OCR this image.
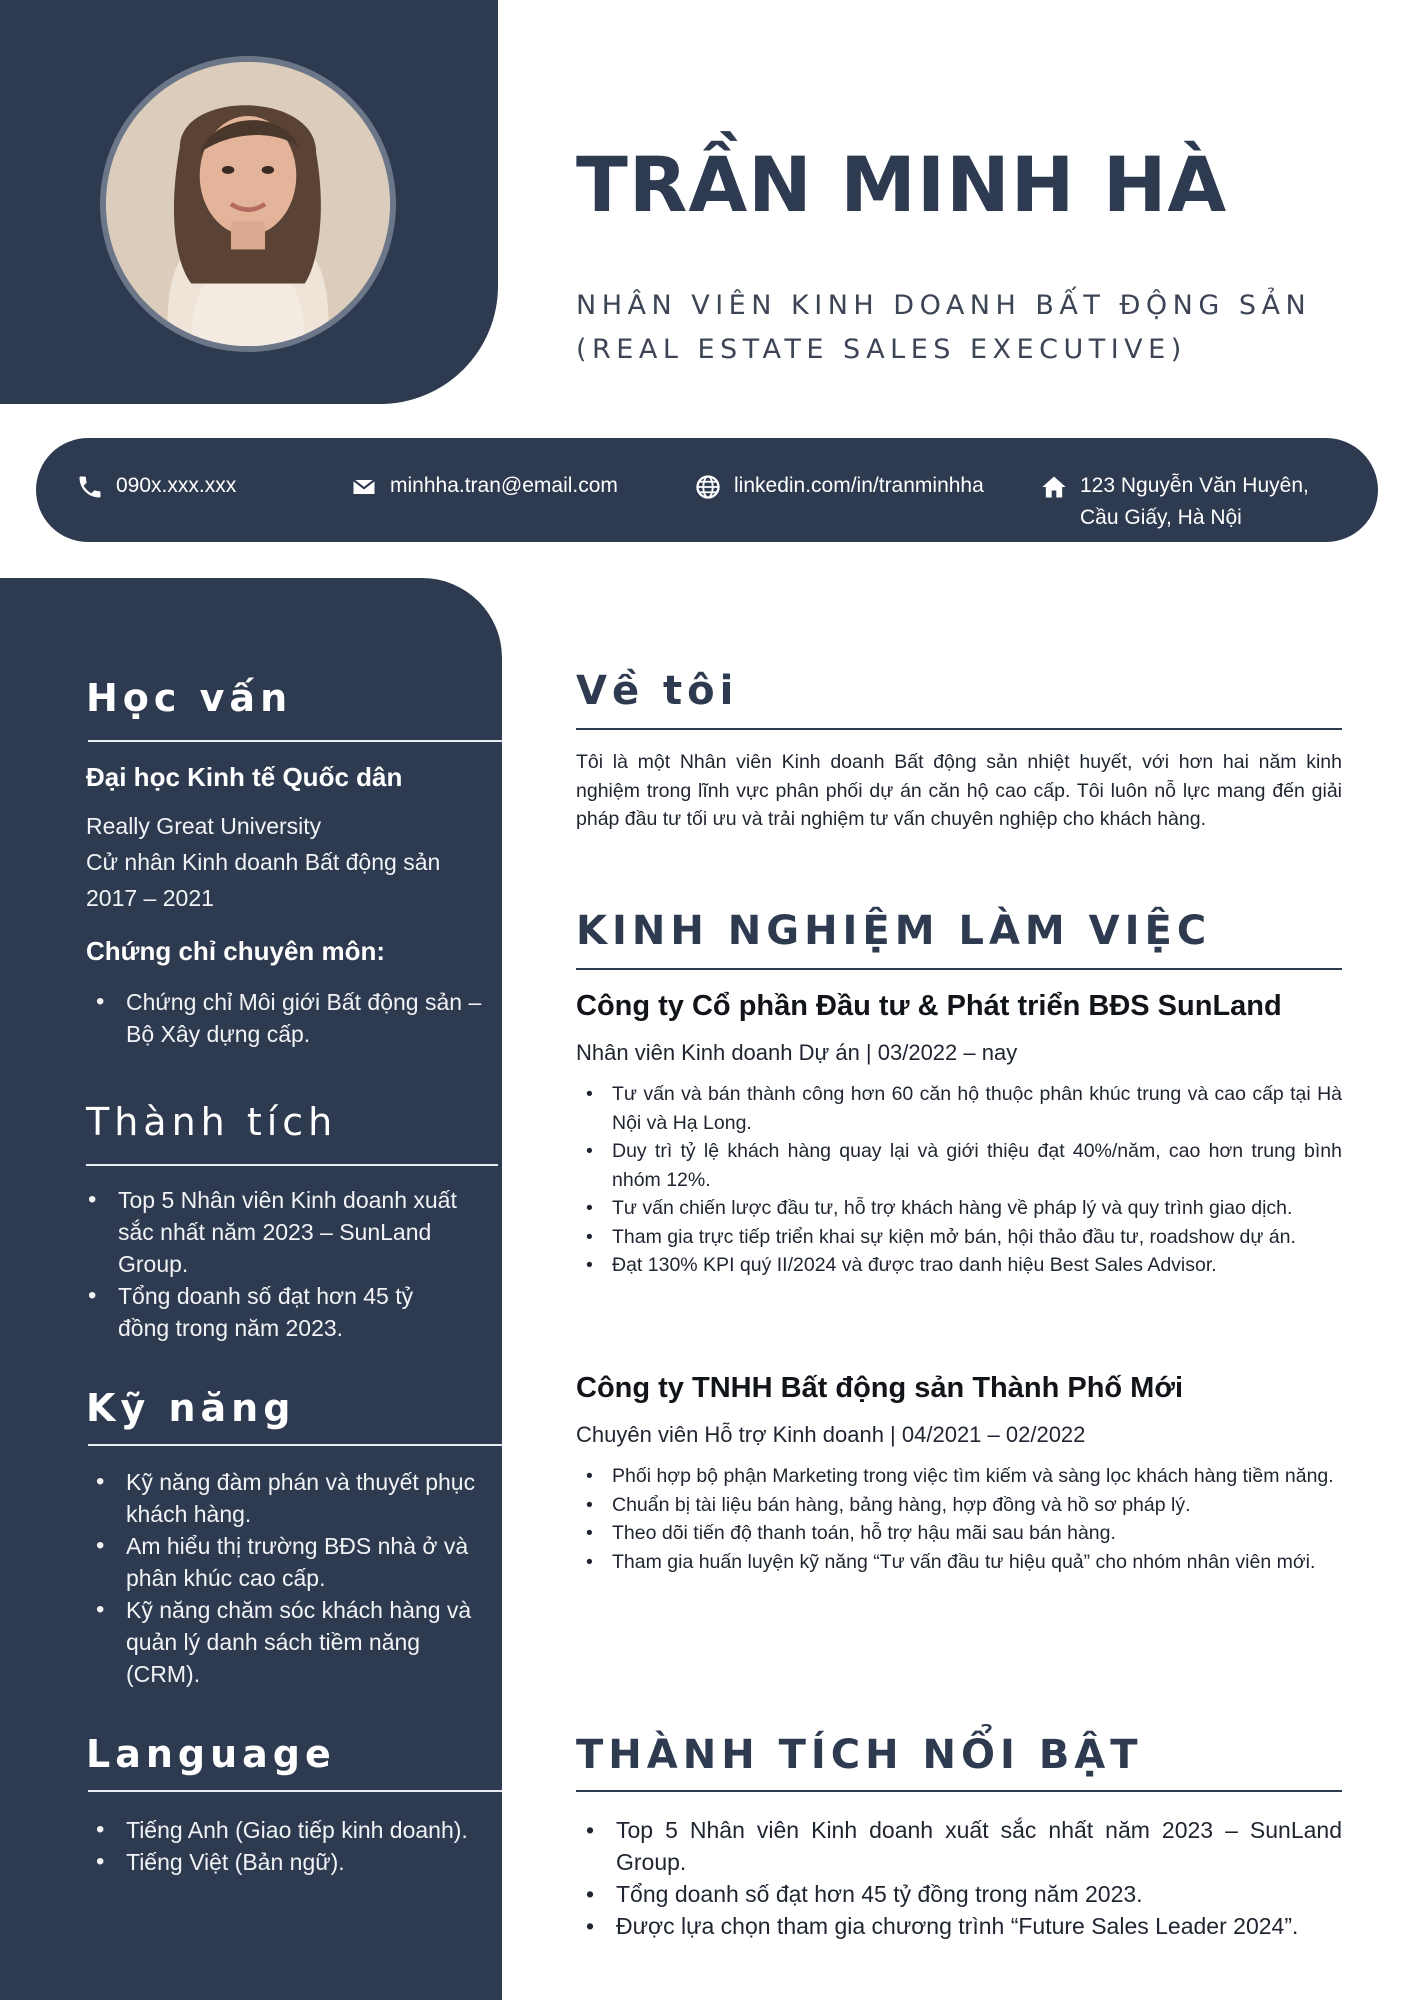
TRẦN MINH HÀ
NHÂN VIÊN KINH DOANH BẤT ĐỘNG SẢN (REAL ESTATE SALES EXECUTIVE)
090x.xxx.xxx	minhha.tran@email.com	linkedin.com/in/tranminhha	123 Nguyễn Văn Huyên, Cầu Giấy, Hà Nội
Học vấn
Đại học Kinh tế Quốc dân
Really Great University
Cử nhân Kinh doanh Bất động sản
2017 – 2021
Chứng chỉ chuyên môn:
• Chứng chỉ Môi giới Bất động sản – Bộ Xây dựng cấp.
Thành tích
• Top 5 Nhân viên Kinh doanh xuất sắc nhất năm 2023 – SunLand Group.
• Tổng doanh số đạt hơn 45 tỷ đồng trong năm 2023.
Kỹ năng
• Kỹ năng đàm phán và thuyết phục khách hàng.
• Am hiểu thị trường BĐS nhà ở và phân khúc cao cấp.
• Kỹ năng chăm sóc khách hàng và quản lý danh sách tiềm năng (CRM).
Language
• Tiếng Anh (Giao tiếp kinh doanh).
• Tiếng Việt (Bản ngữ).
Về tôi
Tôi là một Nhân viên Kinh doanh Bất động sản nhiệt huyết, với hơn hai năm kinh nghiệm trong lĩnh vực phân phối dự án căn hộ cao cấp. Tôi luôn nỗ lực mang đến giải pháp đầu tư tối ưu và trải nghiệm tư vấn chuyên nghiệp cho khách hàng.
KINH NGHIỆM LÀM VIỆC
Công ty Cổ phần Đầu tư & Phát triển BĐS SunLand
Nhân viên Kinh doanh Dự án | 03/2022 – nay
• Tư vấn và bán thành công hơn 60 căn hộ thuộc phân khúc trung và cao cấp tại Hà Nội và Hạ Long.
• Duy trì tỷ lệ khách hàng quay lại và giới thiệu đạt 40%/năm, cao hơn trung bình nhóm 12%.
• Tư vấn chiến lược đầu tư, hỗ trợ khách hàng về pháp lý và quy trình giao dịch.
• Tham gia trực tiếp triển khai sự kiện mở bán, hội thảo đầu tư, roadshow dự án.
• Đạt 130% KPI quý II/2024 và được trao danh hiệu Best Sales Advisor.
Công ty TNHH Bất động sản Thành Phố Mới
Chuyên viên Hỗ trợ Kinh doanh | 04/2021 – 02/2022
• Phối hợp bộ phận Marketing trong việc tìm kiếm và sàng lọc khách hàng tiềm năng.
• Chuẩn bị tài liệu bán hàng, bảng hàng, hợp đồng và hồ sơ pháp lý.
• Theo dõi tiến độ thanh toán, hỗ trợ hậu mãi sau bán hàng.
• Tham gia huấn luyện kỹ năng “Tư vấn đầu tư hiệu quả” cho nhóm nhân viên mới.
THÀNH TÍCH NỔI BẬT
• Top 5 Nhân viên Kinh doanh xuất sắc nhất năm 2023 – SunLand Group.
• Tổng doanh số đạt hơn 45 tỷ đồng trong năm 2023.
• Được lựa chọn tham gia chương trình “Future Sales Leader 2024”.
